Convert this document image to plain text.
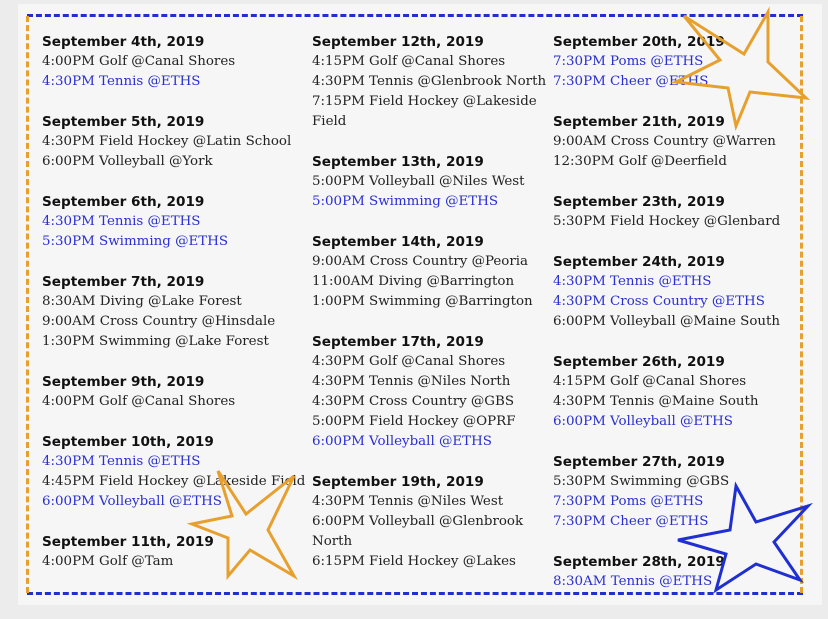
September 4th, 2019
4:00PM Golf @Canal Shores
4:30PM Tennis @ETHS
September 5th, 2019
4:30PM Field Hockey @Latin School
6:00PM Volleyball @York
September 6th, 2019
4:30PM Tennis @ETHS
5:30PM Swimming @ETHS
September 7th, 2019
8:30AM Diving @Lake Forest
9:00AM Cross Country @Hinsdale
1:30PM Swimming @Lake Forest
September 9th, 2019
4:00PM Golf @Canal Shores
September 10th, 2019
4:30PM Tennis @ETHS
4:45PM Field Hockey @Lakeside Field
6:00PM Volleyball @ETHS
September 11th, 2019
4:00PM Golf @Tam
September 12th, 2019
4:15PM Golf @Canal Shores
4:30PM Tennis @Glenbrook North
7:15PM Field Hockey @Lakeside Field
September 13th, 2019
5:00PM Volleyball @Niles West
5:00PM Swimming @ETHS
September 14th, 2019
9:00AM Cross Country @Peoria
11:00AM Diving @Barrington
1:00PM Swimming @Barrington
September 17th, 2019
4:30PM Golf @Canal Shores
4:30PM Tennis @Niles North
4:30PM Cross Country @GBS
5:00PM Field Hockey @OPRF
6:00PM Volleyball @ETHS
September 19th, 2019
4:30PM Tennis @Niles West
6:00PM Volleyball @Glenbrook North
6:15PM Field Hockey @Lakes
September 20th, 2019
7:30PM Poms @ETHS
7:30PM Cheer @ETHS
September 21th, 2019
9:00AM Cross Country @Warren
12:30PM Golf @Deerfield
September 23th, 2019
5:30PM Field Hockey @Glenbard
September 24th, 2019
4:30PM Tennis @ETHS
4:30PM Cross Country @ETHS
6:00PM Volleyball @Maine South
September 26th, 2019
4:15PM Golf @Canal Shores
4:30PM Tennis @Maine South
6:00PM Volleyball @ETHS
September 27th, 2019
5:30PM Swimming @GBS
7:30PM Poms @ETHS
7:30PM Cheer @ETHS
September 28th, 2019
8:30AM Tennis @ETHS
